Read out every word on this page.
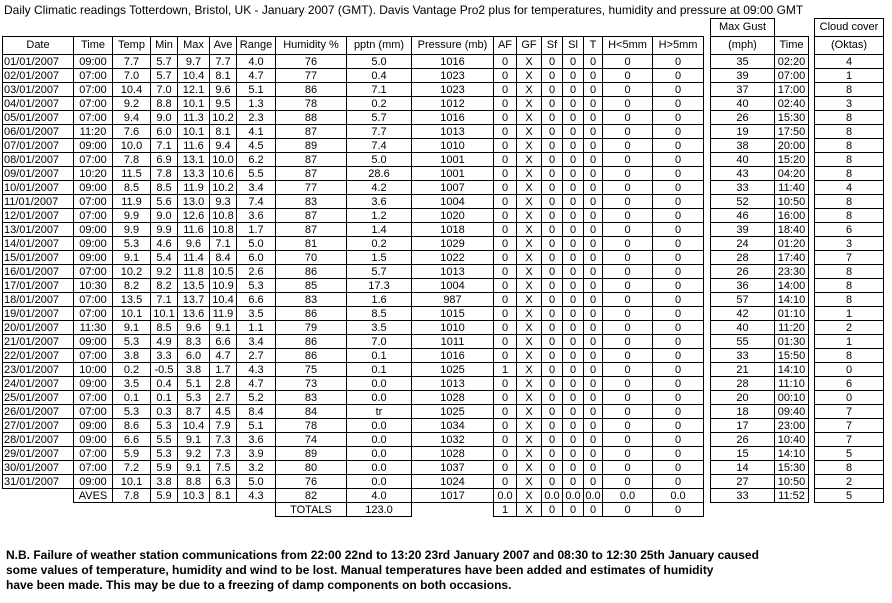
Daily Climatic readings Totterdown, Bristol, UK - January 2007 (GMT). Davis Vantage Pro2 plus for temperatures, humidity and pressure at 09:00 GMT
																		Max Gust			Cloud cover
Date	Time	Temp	Min	Max	Ave	Range	Humidity %	pptn (mm)	Pressure (mb)	AF	GF	Sf	Sl	T	H<5mm	H>5mm		(mph)	Time		(Oktas)
01/01/2007	09:00	7.7	5.7	9.7	7.7	4.0	76	5.0	1016	0	X	0	0	0	0	0		35	02:20		4
02/01/2007	07:00	7.0	5.7	10.4	8.1	4.7	77	0.4	1023	0	X	0	0	0	0	0		39	07:00		1
03/01/2007	07:00	10.4	7.0	12.1	9.6	5.1	86	7.1	1023	0	X	0	0	0	0	0		37	17:00		8
04/01/2007	07:00	9.2	8.8	10.1	9.5	1.3	78	0.2	1012	0	X	0	0	0	0	0		40	02:40		3
05/01/2007	07:00	9.4	9.0	11.3	10.2	2.3	88	5.7	1016	0	X	0	0	0	0	0		26	15:30		8
06/01/2007	11:20	7.6	6.0	10.1	8.1	4.1	87	7.7	1013	0	X	0	0	0	0	0		19	17:50		8
07/01/2007	09:00	10.0	7.1	11.6	9.4	4.5	89	7.4	1010	0	X	0	0	0	0	0		38	20:00		8
08/01/2007	07:00	7.8	6.9	13.1	10.0	6.2	87	5.0	1001	0	X	0	0	0	0	0		40	15:20		8
09/01/2007	10:20	11.5	7.8	13.3	10.6	5.5	87	28.6	1001	0	X	0	0	0	0	0		43	04:20		8
10/01/2007	09:00	8.5	8.5	11.9	10.2	3.4	77	4.2	1007	0	X	0	0	0	0	0		33	11:40		4
11/01/2007	07:00	11.9	5.6	13.0	9.3	7.4	83	3.6	1004	0	X	0	0	0	0	0		52	10:50		8
12/01/2007	07:00	9.9	9.0	12.6	10.8	3.6	87	1.2	1020	0	X	0	0	0	0	0		46	16:00		8
13/01/2007	09:00	9.9	9.9	11.6	10.8	1.7	87	1.4	1018	0	X	0	0	0	0	0		39	18:40		6
14/01/2007	09:00	5.3	4.6	9.6	7.1	5.0	81	0.2	1029	0	X	0	0	0	0	0		24	01:20		3
15/01/2007	09:00	9.1	5.4	11.4	8.4	6.0	70	1.5	1022	0	X	0	0	0	0	0		28	17:40		7
16/01/2007	07:00	10.2	9.2	11.8	10.5	2.6	86	5.7	1013	0	X	0	0	0	0	0		26	23:30		8
17/01/2007	10:30	8.2	8.2	13.5	10.9	5.3	85	17.3	1004	0	X	0	0	0	0	0		36	14:00		8
18/01/2007	07:00	13.5	7.1	13.7	10.4	6.6	83	1.6	987	0	X	0	0	0	0	0		57	14:10		8
19/01/2007	07:00	10.1	10.1	13.6	11.9	3.5	86	8.5	1015	0	X	0	0	0	0	0		42	01:10		1
20/01/2007	11:30	9.1	8.5	9.6	9.1	1.1	79	3.5	1010	0	X	0	0	0	0	0		40	11:20		2
21/01/2007	09:00	5.3	4.9	8.3	6.6	3.4	86	7.0	1011	0	X	0	0	0	0	0		55	01:30		1
22/01/2007	07:00	3.8	3.3	6.0	4.7	2.7	86	0.1	1016	0	X	0	0	0	0	0		33	15:50		8
23/01/2007	10:00	0.2	-0.5	3.8	1.7	4.3	75	0.1	1025	1	X	0	0	0	0	0		21	14:10		0
24/01/2007	09:00	3.5	0.4	5.1	2.8	4.7	73	0.0	1013	0	X	0	0	0	0	0		28	11:10		6
25/01/2007	07:00	0.1	0.1	5.3	2.7	5.2	83	0.0	1028	0	X	0	0	0	0	0		20	00:10		0
26/01/2007	07:00	5.3	0.3	8.7	4.5	8.4	84	tr	1025	0	X	0	0	0	0	0		18	09:40		7
27/01/2007	09:00	8.6	5.3	10.4	7.9	5.1	78	0.0	1034	0	X	0	0	0	0	0		17	23:00		7
28/01/2007	09:00	6.6	5.5	9.1	7.3	3.6	74	0.0	1032	0	X	0	0	0	0	0		26	10:40		7
29/01/2007	07:00	5.9	5.3	9.2	7.3	3.9	89	0.0	1028	0	X	0	0	0	0	0		15	14:10		5
30/01/2007	07:00	7.2	5.9	9.1	7.5	3.2	80	0.0	1037	0	X	0	0	0	0	0		14	15:30		8
31/01/2007	09:00	10.1	3.8	8.8	6.3	5.0	76	0.0	1024	0	X	0	0	0	0	0		27	10:50		2
	AVES	7.8	5.9	10.3	8.1	4.3	82	4.0	1017	0.0	X	0.0	0.0	0.0	0.0	0.0		33	11:52		5
							TOTALS	123.0		1	X	0	0	0	0	0					
N.B. Failure of weather station communications from 22:00 22nd to 13:20 23rd January 2007 and 08:30 to 12:30 25th January caused
some values of temperature, humidity and wind to be lost. Manual temperatures have been added and estimates of humidity
have been made. This may be due to a freezing of damp components on both occasions.
